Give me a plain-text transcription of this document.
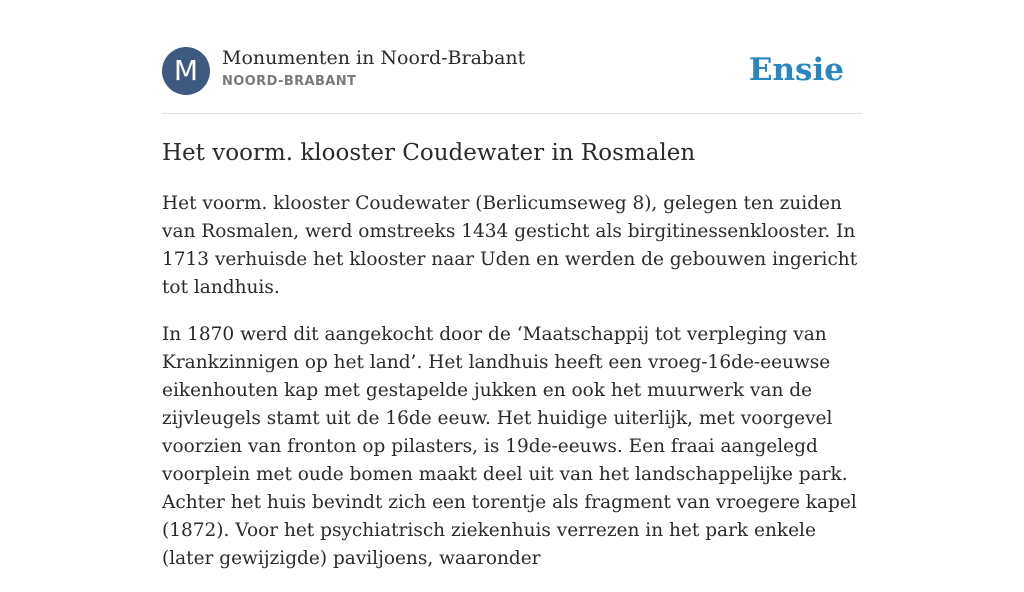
M	Monumenten in Noord-Brabant
NOORD-BRABANT	Ensie
Het voorm. klooster Coudewater in Rosmalen

Het voorm. klooster Coudewater (Berlicumseweg 8), gelegen ten zuiden van Rosmalen, werd omstreeks 1434 gesticht als birgitinessenklooster. In 1713 verhuisde het klooster naar Uden en werden de gebouwen ingericht tot landhuis.

In 1870 werd dit aangekocht door de ‘Maatschappij tot verpleging van Krankzinnigen op het land’. Het landhuis heeft een vroeg-16de-eeuwse eikenhouten kap met gestapelde jukken en ook het muurwerk van de zijvleugels stamt uit de 16de eeuw. Het huidige uiterlijk, met voorgevel voorzien van fronton op pilasters, is 19de-eeuws. Een fraai aangelegd voorplein met oude bomen maakt deel uit van het landschappelijke park. Achter het huis bevindt zich een torentje als fragment van vroegere kapel (1872). Voor het psychiatrisch ziekenhuis verrezen in het park enkele (later gewijzigde) paviljoens, waaronder
